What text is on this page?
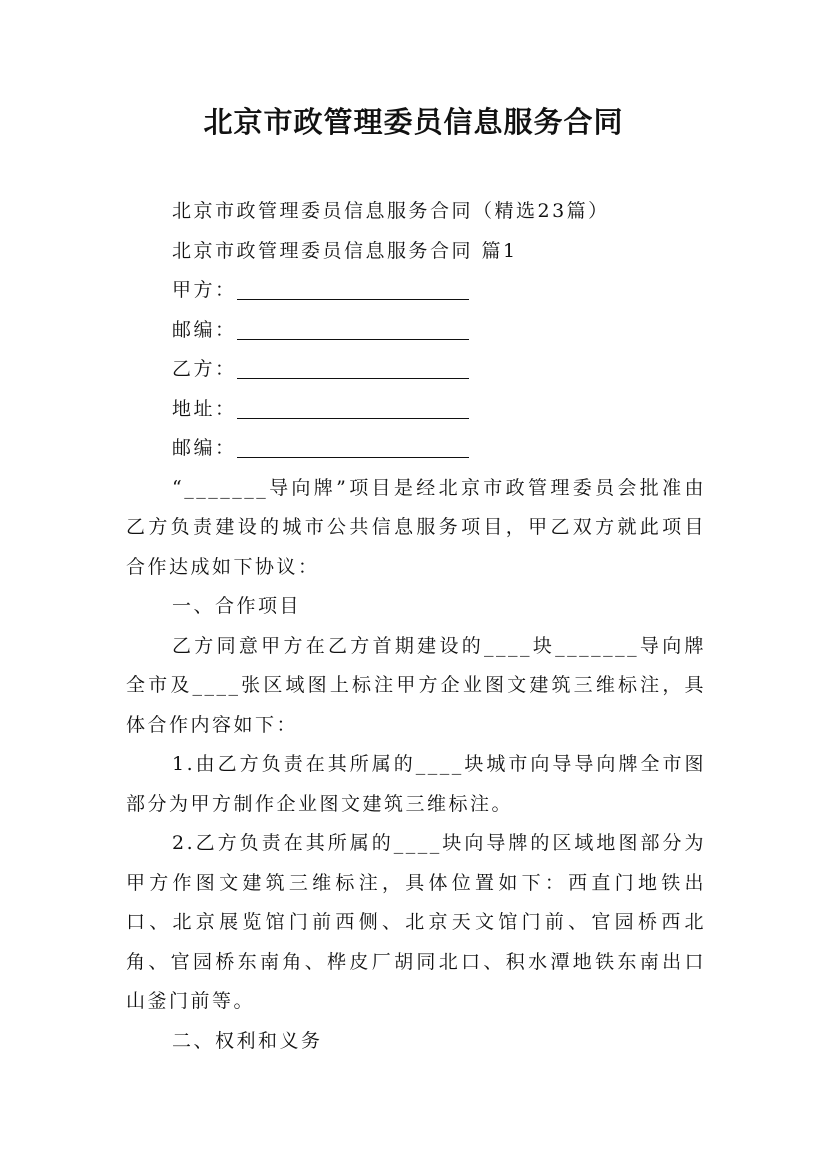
北京市政管理委员信息服务合同

北京市政管理委员信息服务合同（精选23篇）

北京市政管理委员信息服务合同 篇1

甲方：

邮编：

乙方：

地址：

邮编：

“_______导向牌”项目是经北京市政管理委员会批准由乙方负责建设的城市公共信息服务项目，甲乙双方就此项目合作达成如下协议：

一、合作项目

乙方同意甲方在乙方首期建设的____块_______导向牌全市及____张区域图上标注甲方企业图文建筑三维标注，具体合作内容如下：

1.由乙方负责在其所属的____块城市向导导向牌全市图部分为甲方制作企业图文建筑三维标注。

2.乙方负责在其所属的____块向导牌的区域地图部分为甲方作图文建筑三维标注，具体位置如下：西直门地铁出口、北京展览馆门前西侧、北京天文馆门前、官园桥西北角、官园桥东南角、桦皮厂胡同北口、积水潭地铁东南出口山釜门前等。

二、权利和义务
